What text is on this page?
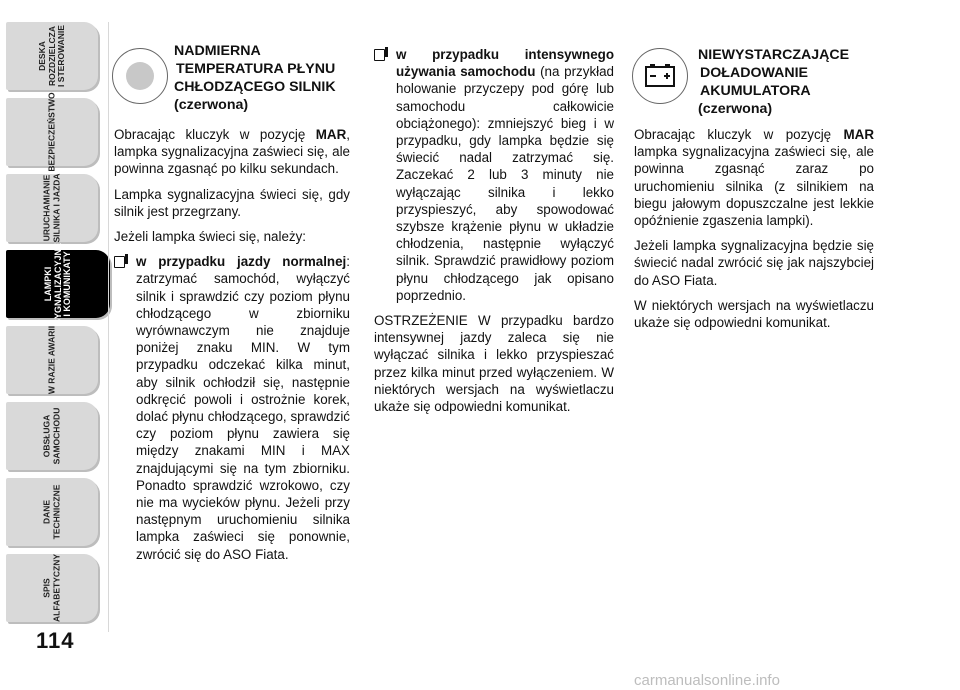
DESKA
ROZDZIELCZA
I STEROWANIE
BEZPIECZEŃSTWO
URUCHAMIANIE
SILNIKA I JAZDA
LAMPKI
SYGNALIZACYJNE
I KOMUNIKATY
W RAZIE AWARII
OBSŁUGA
SAMOCHODU
DANE
TECHNICZNE
SPIS
ALFABETYCZNY
114
NADMIERNA
TEMPERATURA PŁYNU
CHŁODZĄCEGO SILNIK
(czerwona)

Obracając kluczyk w pozycję MAR, lampka sygnalizacyjna zaświeci się, ale powinna zgasnąć po kilku sekundach.

Lampka sygnalizacyjna świeci się, gdy silnik jest przegrzany.

Jeżeli lampka świeci się, należy:

w przypadku jazdy normalnej: zatrzymać samochód, wyłączyć silnik i sprawdzić czy poziom płynu chłodzącego w zbiorniku wyrównawczym nie znajduje poniżej znaku MIN. W tym przypadku odczekać kilka minut, aby silnik ochłodził się, następnie odkręcić powoli i ostrożnie korek, dolać płynu chłodzącego, sprawdzić czy poziom płynu zawiera się między znakami MIN i MAX znajdującymi się na tym zbiorniku. Ponadto sprawdzić wzrokowo, czy nie ma wycieków płynu. Jeżeli przy następnym uruchomieniu silnika lampka zaświeci się ponownie, zwrócić się do ASO Fiata.
w przypadku intensywnego używania samochodu (na przykład holowanie przyczepy pod górę lub samochodu całkowicie obciążonego): zmniejszyć bieg i w przypadku, gdy lampka będzie się świecić nadal zatrzymać się. Zaczekać 2 lub 3 minuty nie wyłączając silnika i lekko przyspieszyć, aby spowodować szybsze krążenie płynu w układzie chłodzenia, następnie wyłączyć silnik. Sprawdzić prawidłowy poziom płynu chłodzącego jak opisano poprzednio.

OSTRZEŻENIE W przypadku bardzo intensywnej jazdy zaleca się nie wyłączać silnika i lekko przyspieszać przez kilka minut przed wyłączeniem. W niektórych wersjach na wyświetlaczu ukaże się odpowiedni komunikat.

NIEWYSTARCZAJĄCE
DOŁADOWANIE
AKUMULATORA
(czerwona)

Obracając kluczyk w pozycję MAR lampka sygnalizacyjna zaświeci się, ale powinna zgasnąć zaraz po uruchomieniu silnika (z silnikiem na biegu jałowym dopuszczalne jest lekkie opóźnienie zgaszenia lampki).

Jeżeli lampka sygnalizacyjna będzie się świecić nadal zwrócić się jak najszybciej do ASO Fiata.

W niektórych wersjach na wyświetlaczu ukaże się odpowiedni komunikat.

carmanualsonline.info
